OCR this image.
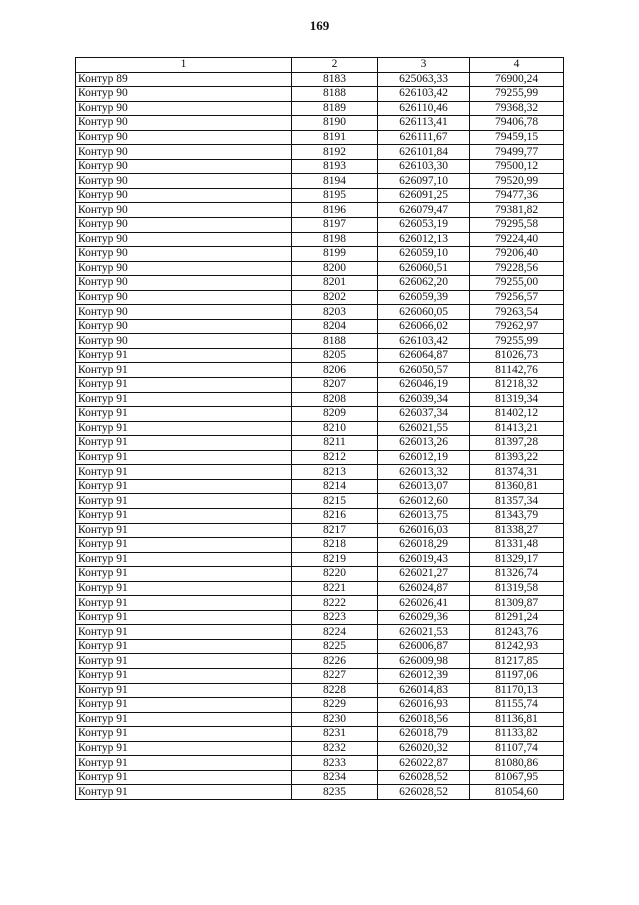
169
1	2	3	4
Контур 89	8183	625063,33	76900,24
Контур 90	8188	626103,42	79255,99
Контур 90	8189	626110,46	79368,32
Контур 90	8190	626113,41	79406,78
Контур 90	8191	626111,67	79459,15
Контур 90	8192	626101,84	79499,77
Контур 90	8193	626103,30	79500,12
Контур 90	8194	626097,10	79520,99
Контур 90	8195	626091,25	79477,36
Контур 90	8196	626079,47	79381,82
Контур 90	8197	626053,19	79295,58
Контур 90	8198	626012,13	79224,40
Контур 90	8199	626059,10	79206,40
Контур 90	8200	626060,51	79228,56
Контур 90	8201	626062,20	79255,00
Контур 90	8202	626059,39	79256,57
Контур 90	8203	626060,05	79263,54
Контур 90	8204	626066,02	79262,97
Контур 90	8188	626103,42	79255,99
Контур 91	8205	626064,87	81026,73
Контур 91	8206	626050,57	81142,76
Контур 91	8207	626046,19	81218,32
Контур 91	8208	626039,34	81319,34
Контур 91	8209	626037,34	81402,12
Контур 91	8210	626021,55	81413,21
Контур 91	8211	626013,26	81397,28
Контур 91	8212	626012,19	81393,22
Контур 91	8213	626013,32	81374,31
Контур 91	8214	626013,07	81360,81
Контур 91	8215	626012,60	81357,34
Контур 91	8216	626013,75	81343,79
Контур 91	8217	626016,03	81338,27
Контур 91	8218	626018,29	81331,48
Контур 91	8219	626019,43	81329,17
Контур 91	8220	626021,27	81326,74
Контур 91	8221	626024,87	81319,58
Контур 91	8222	626026,41	81309,87
Контур 91	8223	626029,36	81291,24
Контур 91	8224	626021,53	81243,76
Контур 91	8225	626006,87	81242,93
Контур 91	8226	626009,98	81217,85
Контур 91	8227	626012,39	81197,06
Контур 91	8228	626014,83	81170,13
Контур 91	8229	626016,93	81155,74
Контур 91	8230	626018,56	81136,81
Контур 91	8231	626018,79	81133,82
Контур 91	8232	626020,32	81107,74
Контур 91	8233	626022,87	81080,86
Контур 91	8234	626028,52	81067,95
Контур 91	8235	626028,52	81054,60
